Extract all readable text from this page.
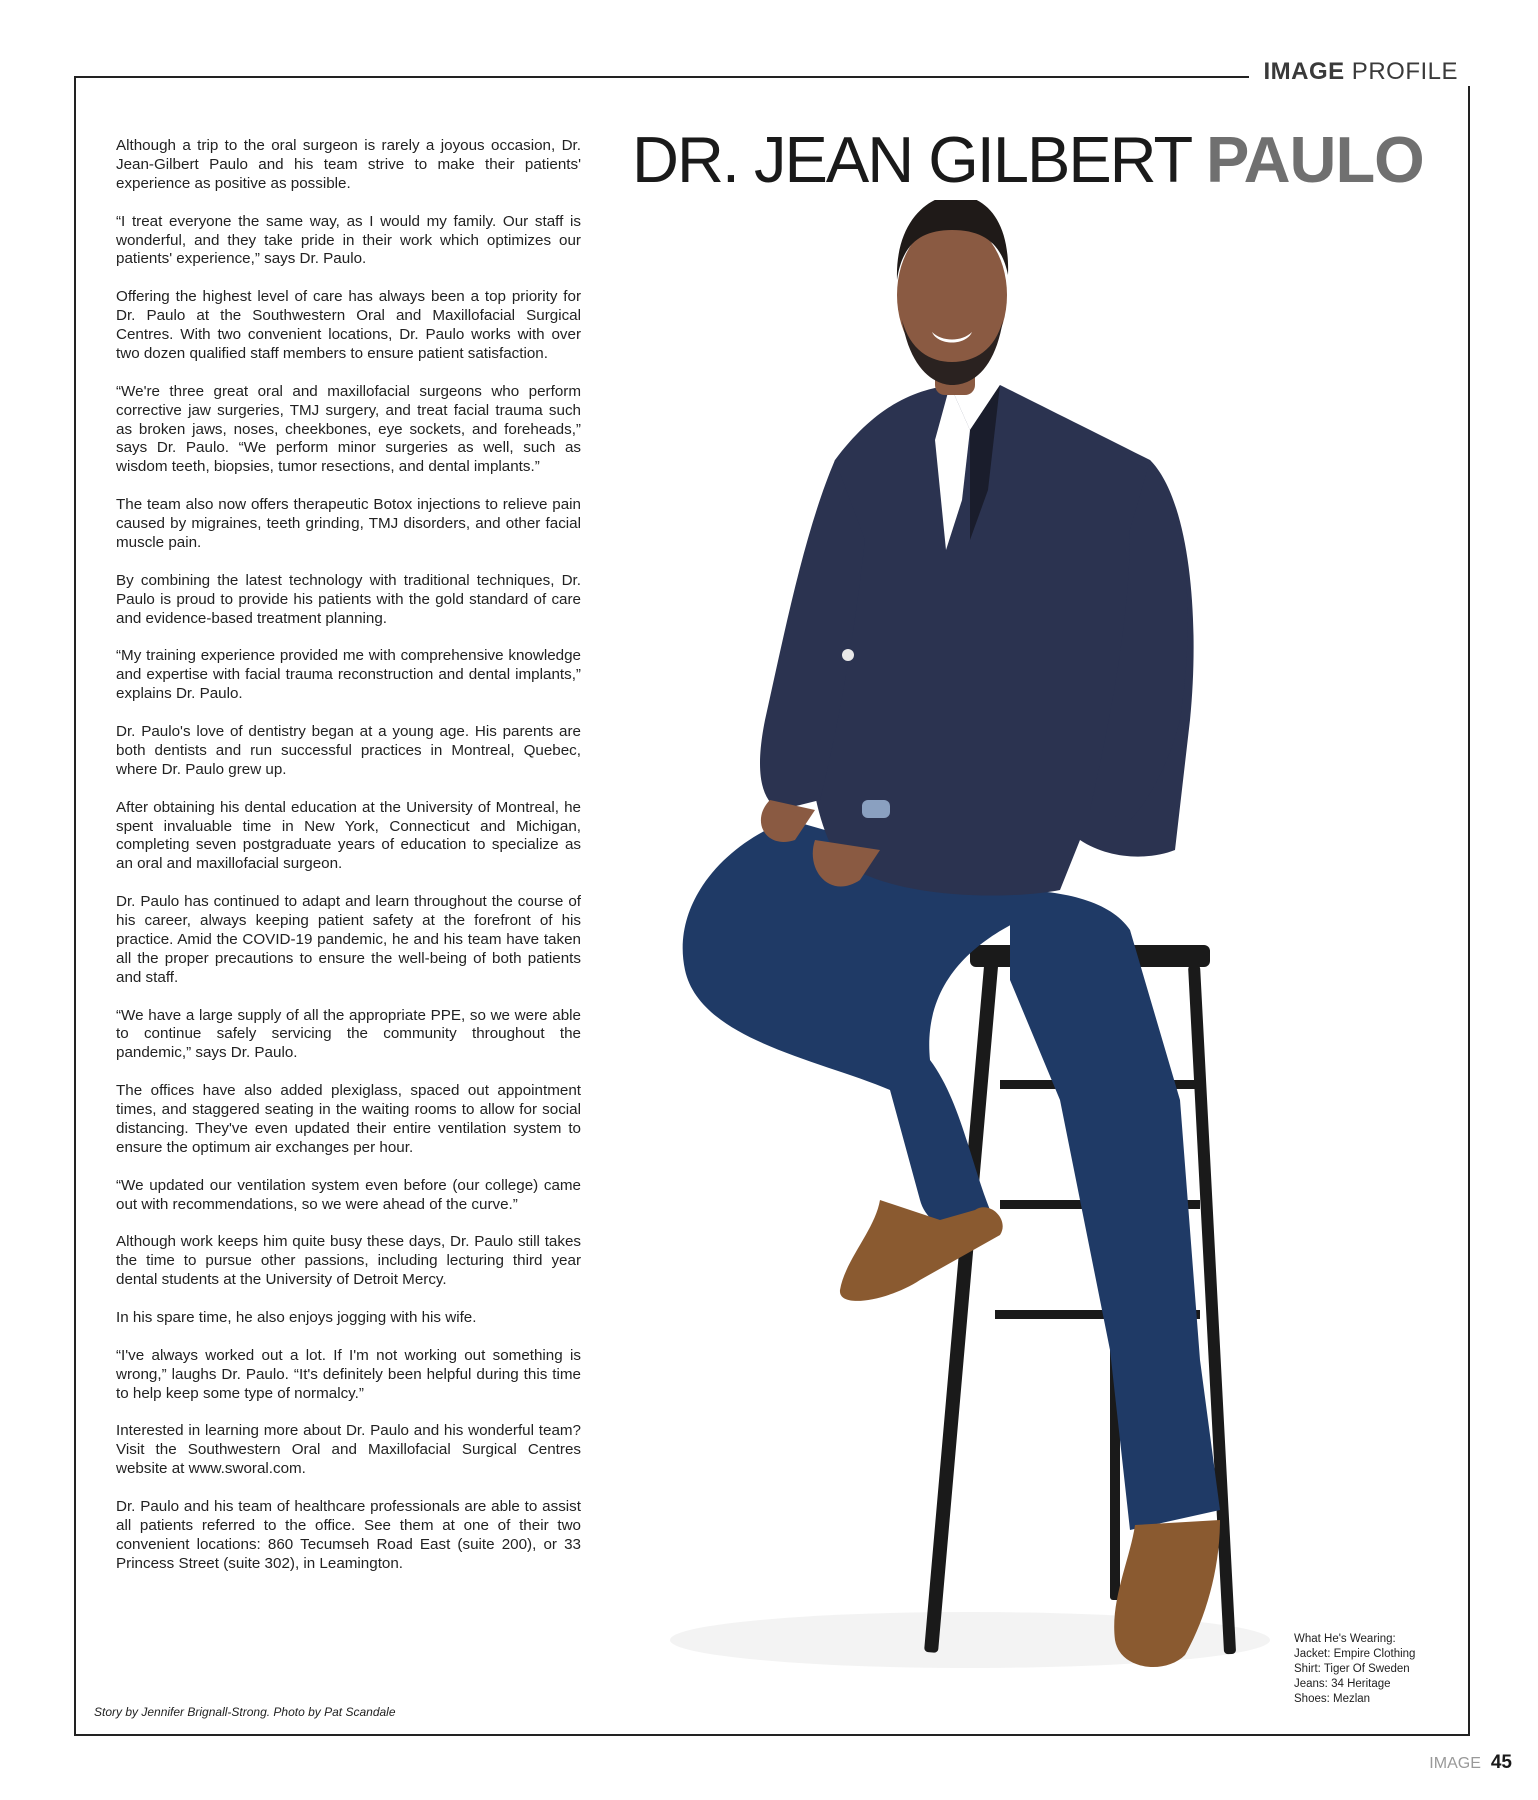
IMAGE PROFILE
DR. JEAN GILBERT PAULO

Although a trip to the oral surgeon is rarely a joyous occasion, Dr. Jean-Gilbert Paulo and his team strive to make their patients' experience as positive as possible.

“I treat everyone the same way, as I would my family. Our staff is wonderful, and they take pride in their work which optimizes our patients' experience,” says Dr. Paulo.

Offering the highest level of care has always been a top priority for Dr. Paulo at the Southwestern Oral and Maxillofacial Surgical Centres. With two convenient locations, Dr. Paulo works with over two dozen qualified staff members to ensure patient satisfaction.

“We're three great oral and maxillofacial surgeons who perform corrective jaw surgeries, TMJ surgery, and treat facial trauma such as broken jaws, noses, cheekbones, eye sockets, and foreheads,” says Dr. Paulo. “We perform minor surgeries as well, such as wisdom teeth, biopsies, tumor resections, and dental implants.”

The team also now offers therapeutic Botox injections to relieve pain caused by migraines, teeth grinding, TMJ disorders, and other facial muscle pain.

By combining the latest technology with traditional techniques, Dr. Paulo is proud to provide his patients with the gold standard of care and evidence-based treatment planning.

“My training experience provided me with comprehensive knowledge and expertise with facial trauma reconstruction and dental implants,” explains Dr. Paulo.

Dr. Paulo's love of dentistry began at a young age. His parents are both dentists and run successful practices in Montreal, Quebec, where Dr. Paulo grew up.

After obtaining his dental education at the University of Montreal, he spent invaluable time in New York, Connecticut and Michigan, completing seven postgraduate years of education to specialize as an oral and maxillofacial surgeon.

Dr. Paulo has continued to adapt and learn throughout the course of his career, always keeping patient safety at the forefront of his practice. Amid the COVID-19 pandemic, he and his team have taken all the proper precautions to ensure the well-being of both patients and staff.

“We have a large supply of all the appropriate PPE, so we were able to continue safely servicing the community throughout the pandemic,” says Dr. Paulo.

The offices have also added plexiglass, spaced out appointment times, and staggered seating in the waiting rooms to allow for social distancing. They've even updated their entire ventilation system to ensure the optimum air exchanges per hour.

“We updated our ventilation system even before (our college) came out with recommendations, so we were ahead of the curve.”

Although work keeps him quite busy these days, Dr. Paulo still takes the time to pursue other passions, including lecturing third year dental students at the University of Detroit Mercy.

In his spare time, he also enjoys jogging with his wife.

“I've always worked out a lot. If I'm not working out something is wrong,” laughs Dr. Paulo. “It's definitely been helpful during this time to help keep some type of normalcy.”

Interested in learning more about Dr. Paulo and his wonderful team? Visit the Southwestern Oral and Maxillofacial Surgical Centres website at www.sworal.com.

Dr. Paulo and his team of healthcare professionals are able to assist all patients referred to the office. See them at one of their two convenient locations: 860 Tecumseh Road East (suite 200), or 33 Princess Street (suite 302), in Leamington.

What He's Wearing:
Jacket: Empire Clothing
Shirt: Tiger Of Sweden
Jeans: 34 Heritage
Shoes: Mezlan
Story by Jennifer Brignall-Strong. Photo by Pat Scandale
IMAGE 45
